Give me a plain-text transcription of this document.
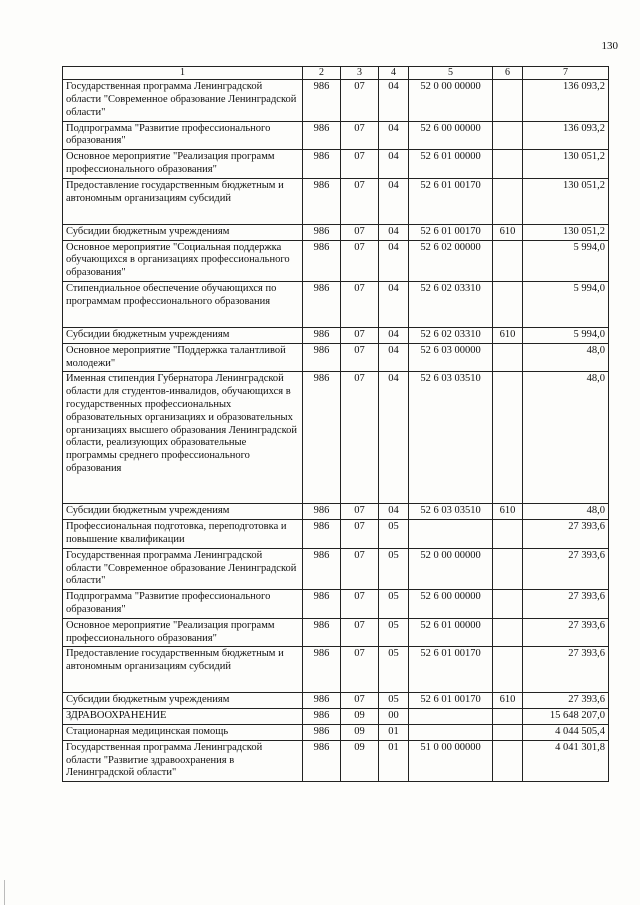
130
1	2	3	4	5	6	7
Государственная программа Ленинградской области "Современное образование Ленинградской области"	986	07	04	52 0 00 00000		136 093,2
Подпрограмма "Развитие профессионального образования"	986	07	04	52 6 00 00000		136 093,2
Основное мероприятие "Реализация программ профессионального образования"	986	07	04	52 6 01 00000		130 051,2
Предоставление государственным бюджетным и автономным организациям субсидий	986	07	04	52 6 01 00170		130 051,2
Субсидии бюджетным учреждениям	986	07	04	52 6 01 00170	610	130 051,2
Основное мероприятие "Социальная поддержка обучающихся в организациях профессионального образования"	986	07	04	52 6 02 00000		5 994,0
Стипендиальное обеспечение обучающихся по программам профессионального образования	986	07	04	52 6 02 03310		5 994,0
Субсидии бюджетным учреждениям	986	07	04	52 6 02 03310	610	5 994,0
Основное мероприятие "Поддержка талантливой молодежи"	986	07	04	52 6 03 00000		48,0
Именная стипендия Губернатора Ленинградской области для студентов-инвалидов, обучающихся в государственных профессиональных образовательных организациях и образовательных организациях высшего образования Ленинградской области, реализующих образовательные программы среднего профессионального образования	986	07	04	52 6 03 03510		48,0
Субсидии бюджетным учреждениям	986	07	04	52 6 03 03510	610	48,0
Профессиональная подготовка, переподготовка и повышение квалификации	986	07	05			27 393,6
Государственная программа Ленинградской области "Современное образование Ленинградской области"	986	07	05	52 0 00 00000		27 393,6
Подпрограмма "Развитие профессионального образования"	986	07	05	52 6 00 00000		27 393,6
Основное мероприятие "Реализация программ профессионального образования"	986	07	05	52 6 01 00000		27 393,6
Предоставление государственным бюджетным и автономным организациям субсидий	986	07	05	52 6 01 00170		27 393,6
Субсидии бюджетным учреждениям	986	07	05	52 6 01 00170	610	27 393,6
ЗДРАВООХРАНЕНИЕ	986	09	00			15 648 207,0
Стационарная медицинская помощь	986	09	01			4 044 505,4
Государственная программа Ленинградской области "Развитие здравоохранения в Ленинградской области"	986	09	01	51 0 00 00000		4 041 301,8
